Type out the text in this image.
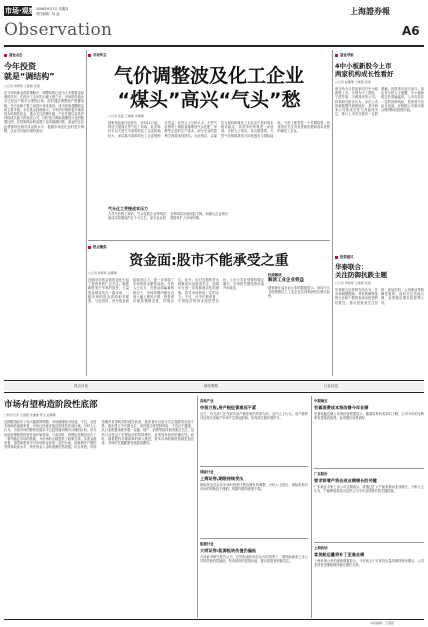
市场·观察 2006年6月2日 星期四
责任编辑：杨 凌
Observation
上海證券報
A6
基金点击
今年投资
就是“调结构”
□记者 周婷婷 王媛媛 报道
在今年的基金投资策略中，调整结构已成为大多数基金经理的共识。在经历了去年的大幅上涨之后，市场的估值水平已经处于相对合理的区间，此时通过调整资产配置结构，在行业和个股之间进行优化选择，成为获取超额收益的主要手段。多位基金经理表示，今年的行情将更多地体现为结构性机会，重点关注消费升级、产业升级以及具有持续成长能力的优质公司，同时适当降低周期性行业的配置比例，在控制风险的前提下追求稳健回报，基金的仓位也将保持在相对灵活的水平，根据市场变化及时进行调整，以应对可能出现的波动。
市场传言
气价调整波及化工企业
“煤头”高兴“气头”愁
□记者 张磊 王媛媛 朱谦谦
国家发改委日前宣布，自6月1日起，将适当提高天然气出厂价格。此次调价对以天然气为原料的化工企业影响较大，而以煤为原料的化工企业则相对受益。业内人士分析认为，天然气价格的上调将直接增加气头化肥、甲醇等企业的生产成本，部分企业的盈利空间将受到挤压。与此相反，以煤炭为原料的煤化工企业由于原料成本相对稳定，其竞争优势将进一步显现。分析人士指出，从长期来看，天然气价格改革的方向是逐步与国际接轨，气价上涨将是一个长期趋势，投资者应关注具有资源优势和成本优势的煤化工企业。
气头化工受挫成本压力
天然气价格上调后，气头化肥企业每吨尿素成本将增加约五十元左右，部分企业的毛利率将出现明显下降，而煤头企业则有望借机扩大市场份额。
基金导航
4中小板新股今上市
两家机构成长性看好
□记者 赵娜娜 王媛媛 报道
深交所今日将迎来四只中小板新股上市，分别为中工国际、宁波华翔、天威视讯等公司。机构研究报告认为，本次上市的新股整体质地较好，其中两家公司的成长性尤其值得关注，预计上市首日将有一定的涨幅，投资者可适当参与。但也有分析人士提醒，中小板新股定价普遍偏高，上市后存在一定的回调风险，投资者不宜盲目追高，应根据公司基本面合理判断其投资价值。
投资建议
华泰联合：
关注防御抗跌主题
□记者 周婷婷 王媛媛 报道
华泰联合证券研究所认为，在市场调整期间，具有防御特征的行业和个股将表现出较强的抗跌性，建议投资者关注医药、食品饮料、公用事业等防御性板块，同时关注估值合理、业绩稳定增长的蓝筹公司。
热点聚焦
资金面:股市不能承受之重
□记者 周婷婷 赵娜娜
近期市场资金面的变化引起了投资者的广泛关注。随着新股发行节奏的加快，大量资金被冻结在一级市场，二级市场的资金供给相对紧张。与此同时，部分基金面临赎回压力，进一步加剧了市场的资金紧张局面。分析人士认为，在资金面偏紧的情况下，市场短期内难以出现大幅上涨的行情，投资者应保持谨慎态度，控制仓位。此外，央行近期的货币政策动向也值得关注，如果出台进一步收紧流动性的措施，将对市场构成一定的压力。不过，从中长期来看，中国经济的基本面依然良好，上市公司业绩保持稳定增长，市场的长期投资价值并未改变。
权威解读
解读工业企业效益
国家统计局日前公布的数据显示，前四个月全国规模以上工业企业实现利润同比增长较快。
热点评论	财经观察	行业信息
市场有望构造阶段性底部
□特约记者 王媛媛 朱谦谦 郭文 赵娜娜
近期股指经历了较大幅度的调整，市场情绪较为低迷。不过，从技术面和估值面来看，市场已经逐步接近阶段性底部区域。分析人士认为，当前市场的整体估值水平已经回落到相对合理的区间，部分优质蓝筹股的投资价值开始显现。与此同时，管理层近期也出台了一系列稳定市场的措施，为市场的企稳提供了政策支持。从资金面来看，虽然新股发行对市场资金形成一定的分流，但新增开户数依然保持较高水平，场外资金入市的意愿仍然较强。综合来看，市场短期内有望构造阶段性底部，投资者可以适当关注超跌的优质个股，逐步建立中长期仓位，但仍需注意控制风险，不宜过于激进。从行业配置角度来看，金融、地产、消费等板块值得重点关注，这些行业受益于宏观经济的持续增长，业绩具有较好的确定性。同时，随着股权分置改革的深入推进，资本市场的制度基础更加完善，市场的长期健康发展值得期待。
房地产业
申报万股,房产税征管难而不紧
近日，有关部门正在研究房产税征收的具体办法，业内人士认为，房产税的开征将对房地产市场产生深远影响，但具体实施仍需时日。
保险行业
上海证券,期限持续受压
保险资金在证券市场的投资比例近期有所调整，分析人士指出，保险机构对市场的判断趋于谨慎，短期内增持意愿不强。
能源行业
大同证券:能源板块估值仍偏低
大同证券研究报告认为，在国际油价高位运行的背景下，国内能源类上市公司的估值仍然偏低，具有较好的投资价值，建议投资者积极关注。
中期淘宝
宏碁消费成本将改善今年业绩
宏碁电脑近期公布的经营数据显示，随着原材料成本的下降，公司今年的毛利率有望得到改善，业绩增长前景看好。
广东股份
要求将增产将会成业绩增长的关键
广东地区多家上市公司近期表示，将通过扩大产能来推动业绩增长，分析人士认为，产能释放将成为这些公司今年业绩增长的关键因素。
上海机场
客货航运量将补丁至高业绩
上海机场公布的最新数据显示，今年前五个月客货运量均保持较快增长，公司业绩有望继续保持稳定增长态势。
本版编辑：王媛媛
